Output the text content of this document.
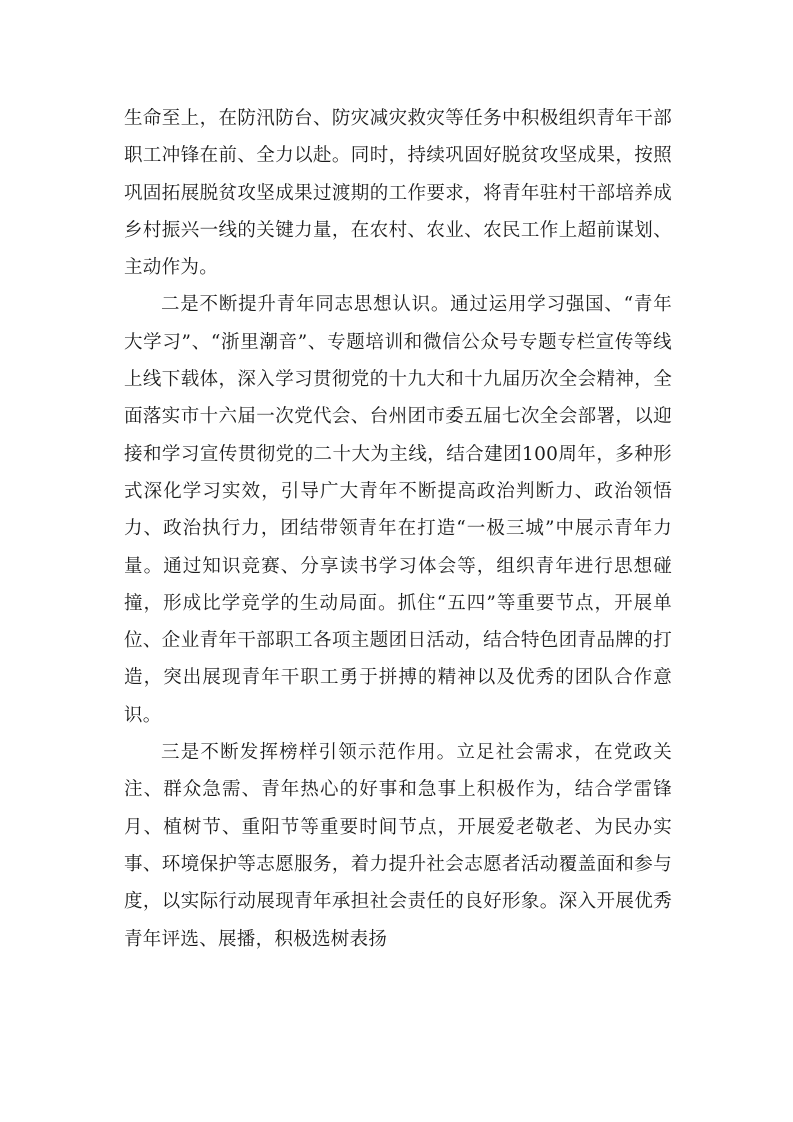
生命至上，在防汛防台、防灾减灾救灾等任务中积极组织青年干部职工冲锋在前、全力以赴。同时，持续巩固好脱贫攻坚成果，按照巩固拓展脱贫攻坚成果过渡期的工作要求，将青年驻村干部培养成乡村振兴一线的关键力量，在农村、农业、农民工作上超前谋划、主动作为。

二是不断提升青年同志思想认识。通过运用学习强国、“青年大学习”、“浙里潮音”、专题培训和微信公众号专题专栏宣传等线上线下载体，深入学习贯彻党的十九大和十九届历次全会精神，全面落实市十六届一次党代会、台州团市委五届七次全会部署，以迎接和学习宣传贯彻党的二十大为主线，结合建团100周年，多种形式深化学习实效，引导广大青年不断提高政治判断力、政治领悟力、政治执行力，团结带领青年在打造“一极三城”中展示青年力量。通过知识竞赛、分享读书学习体会等，组织青年进行思想碰撞，形成比学竞学的生动局面。抓住“五四”等重要节点，开展单位、企业青年干部职工各项主题团日活动，结合特色团青品牌的打造，突出展现青年干职工勇于拼搏的精神以及优秀的团队合作意识。

三是不断发挥榜样引领示范作用。立足社会需求，在党政关注、群众急需、青年热心的好事和急事上积极作为，结合学雷锋月、植树节、重阳节等重要时间节点，开展爱老敬老、为民办实事、环境保护等志愿服务，着力提升社会志愿者活动覆盖面和参与度，以实际行动展现青年承担社会责任的良好形象。深入开展优秀青年评选、展播，积极选树表扬
